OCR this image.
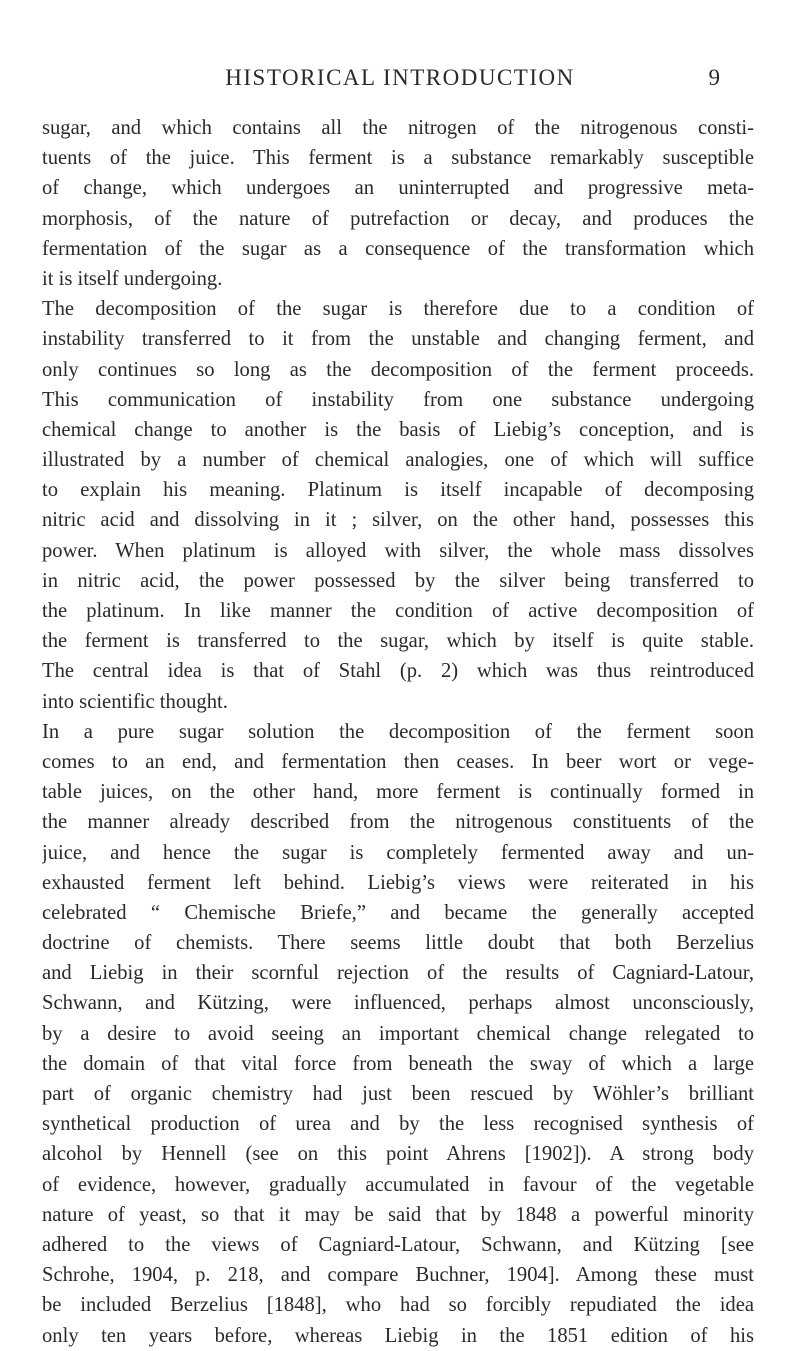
HISTORICAL INTRODUCTION	9
sugar, and which contains all the nitrogen of the nitrogenous consti-
tuents of the juice. This ferment is a substance remarkably susceptible
of change, which undergoes an uninterrupted and progressive meta-
morphosis, of the nature of putrefaction or decay, and produces the
fermentation of the sugar as a consequence of the transformation which
it is itself undergoing.
The decomposition of the sugar is therefore due to a condition of
instability transferred to it from the unstable and changing ferment, and
only continues so long as the decomposition of the ferment proceeds.
This communication of instability from one substance undergoing
chemical change to another is the basis of Liebig’s conception, and is
illustrated by a number of chemical analogies, one of which will suffice
to explain his meaning. Platinum is itself incapable of decomposing
nitric acid and dissolving in it ; silver, on the other hand, possesses this
power. When platinum is alloyed with silver, the whole mass dissolves
in nitric acid, the power possessed by the silver being transferred to
the platinum. In like manner the condition of active decomposition of
the ferment is transferred to the sugar, which by itself is quite stable.
The central idea is that of Stahl (p. 2) which was thus reintroduced
into scientific thought.
In a pure sugar solution the decomposition of the ferment soon
comes to an end, and fermentation then ceases. In beer wort or vege-
table juices, on the other hand, more ferment is continually formed in
the manner already described from the nitrogenous constituents of the
juice, and hence the sugar is completely fermented away and un-
exhausted ferment left behind. Liebig’s views were reiterated in his
celebrated “ Chemische Briefe,” and became the generally accepted
doctrine of chemists. There seems little doubt that both Berzelius
and Liebig in their scornful rejection of the results of Cagniard-Latour,
Schwann, and Kützing, were influenced, perhaps almost unconsciously,
by a desire to avoid seeing an important chemical change relegated to
the domain of that vital force from beneath the sway of which a large
part of organic chemistry had just been rescued by Wöhler’s brilliant
synthetical production of urea and by the less recognised synthesis of
alcohol by Hennell (see on this point Ahrens [1902]). A strong body
of evidence, however, gradually accumulated in favour of the vegetable
nature of yeast, so that it may be said that by 1848 a powerful minority
adhered to the views of Cagniard-Latour, Schwann, and Kützing [see
Schrohe, 1904, p. 218, and compare Buchner, 1904]. Among these must
be included Berzelius [1848], who had so forcibly repudiated the idea
only ten years before, whereas Liebig in the 1851 edition of his
